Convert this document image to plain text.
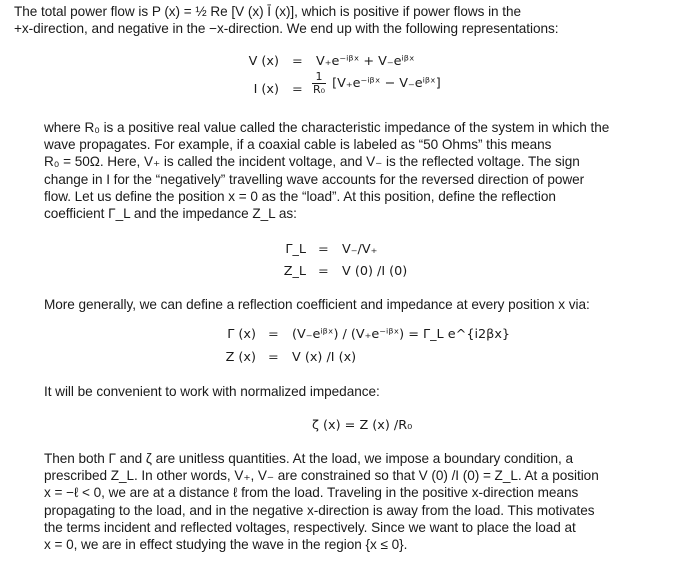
The total power flow is P (x) = ½ Re [V (x) Ī (x)], which is positive if power flows in the
+x-direction, and negative in the −x-direction. We end up with the following representations:
V (x) = V₊e⁻ⁱᵝˣ + V₋eⁱᵝˣ
I $(x) = \frac{1}{\text{R₀}}$ [V₊e⁻ⁱᵝˣ − V₋eⁱᵝˣ]
where R₀ is a positive real value called the characteristic impedance of the system in which the
wave propagates. For example, if a coaxial cable is labeled as “50 Ohms” this means
R₀ = 50Ω. Here, V₊ is called the incident voltage, and V₋ is the reflected voltage. The sign
change in I for the “negatively” travelling wave accounts for the reversed direction of power
flow. Let us define the position x = 0 as the “load”. At this position, define the reflection
coefficient Γ_L and the impedance Z_L as:
Γ_L = V₋/V₊
Z_L = V (0) /I (0)
More generally, we can define a reflection coefficient and impedance at every position x via:
Γ (x) = (V₋eⁱᵝˣ) / (V₊e⁻ⁱᵝˣ) = Γ_L e^{i2βx}
Z (x) = V (x) /I (x)
It will be convenient to work with normalized impedance:
ζ (x) = Z (x) /R₀
Then both Γ and ζ are unitless quantities. At the load, we impose a boundary condition, a
prescribed Z_L. In other words, V₊, V₋ are constrained so that V (0) /I (0) = Z_L. At a position
x = −ℓ < 0, we are at a distance ℓ from the load. Traveling in the positive x-direction means
propagating to the load, and in the negative x-direction is away from the load. This motivates
the terms incident and reflected voltages, respectively. Since we want to place the load at
x = 0, we are in effect studying the wave in the region {x ≤ 0}.
